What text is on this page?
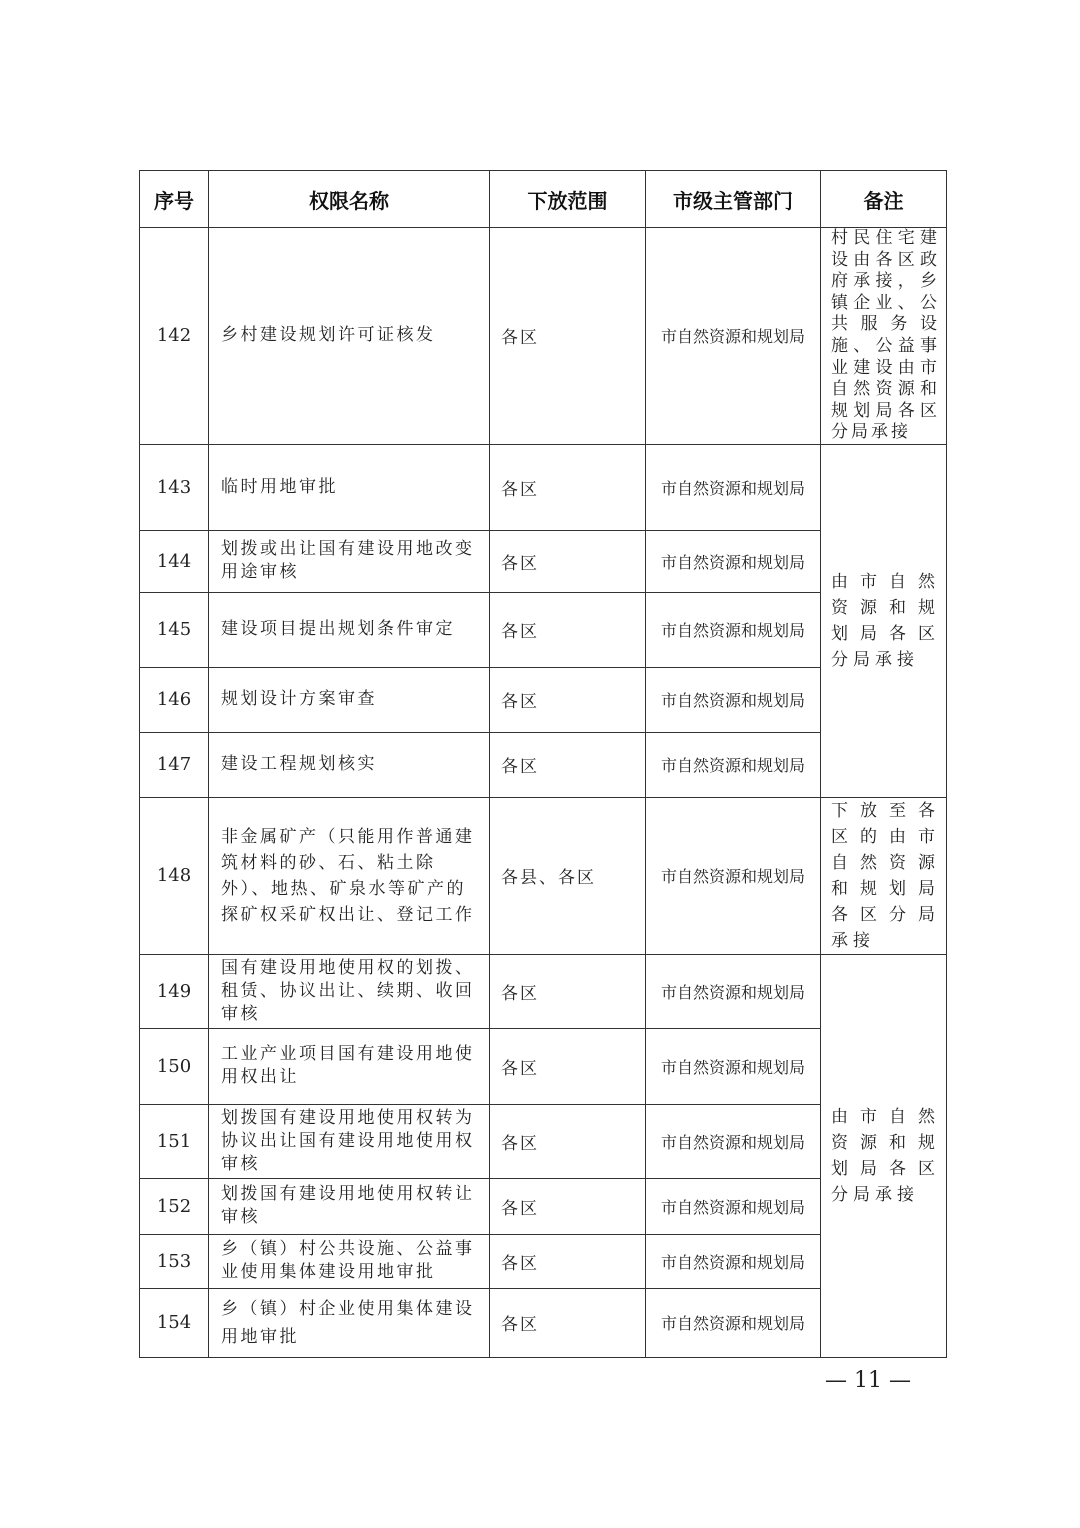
序号	权限名称	下放范围	市级主管部门	备注
142	乡村建设规划许可证核发	各区	市自然资源和规划局	村民住宅建设由各区政府承接，乡镇企业、公共服务设施、公益事业建设由市自然资源和规划局各区分局承接
143	临时用地审批	各区	市自然资源和规划局	由市自然资源和规划局各区分局承接
144	划拨或出让国有建设用地改变用途审核	各区	市自然资源和规划局	
145	建设项目提出规划条件审定	各区	市自然资源和规划局	
146	规划设计方案审查	各区	市自然资源和规划局	
147	建设工程规划核实	各区	市自然资源和规划局	
148	非金属矿产（只能用作普通建筑材料的砂、石、粘土除外）、地热、矿泉水等矿产的探矿权采矿权出让、登记工作	各县、各区	市自然资源和规划局	下放至各区的由市自然资源和规划局各区分局承接
149	国有建设用地使用权的划拨、租赁、协议出让、续期、收回审核	各区	市自然资源和规划局	由市自然资源和规划局各区分局承接
150	工业产业项目国有建设用地使用权出让	各区	市自然资源和规划局	
151	划拨国有建设用地使用权转为协议出让国有建设用地使用权审核	各区	市自然资源和规划局	
152	划拨国有建设用地使用权转让审核	各区	市自然资源和规划局	
153	乡（镇）村公共设施、公益事业使用集体建设用地审批	各区	市自然资源和规划局	
154	乡（镇）村企业使用集体建设用地审批	各区	市自然资源和规划局	
— 11 —
